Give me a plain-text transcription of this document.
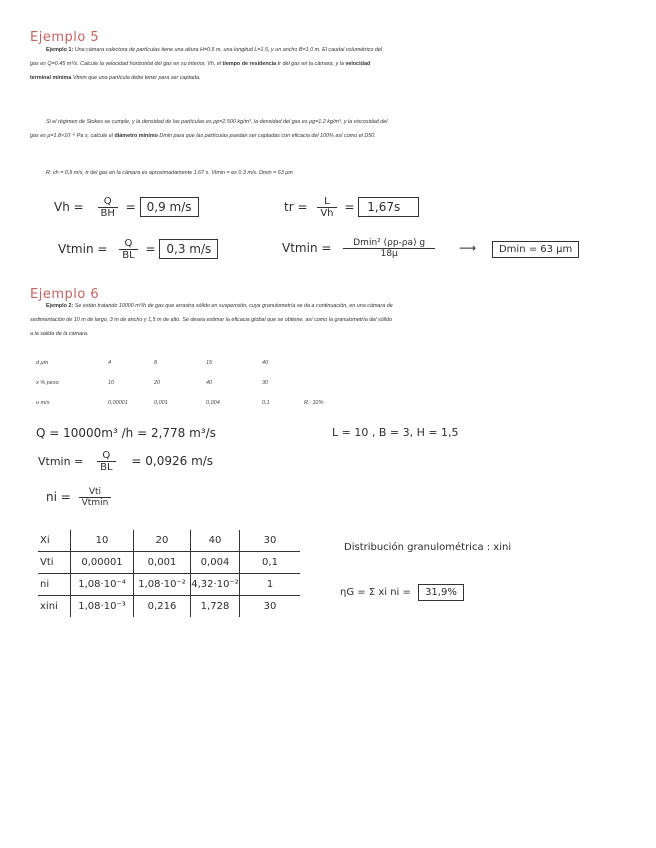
Ejemplo 5
Ejemplo 1: Una cámara colectora de partículas tiene una altura H=0.5 m, una longitud L=1.5, y un ancho B=1.0 m. El caudal volumétrico del gas es Q=0.45 m³/s. Calcule la velocidad horizontal del gas en su interior, Vh, el tiempo de residencia tr del gas en la cámara, y la velocidad terminal mínima Vtmin que una partícula debe tener para ser captada.
Si el régimen de Stokes se cumple, y la densidad de las partículas es ρp=2.500 kg/m³, la densidad del gas es ρg=1.2 kg/m³, y la viscosidad del gas es μ=1.8×10⁻⁵ Pa s, calcule el diámetro mínimo Dmin para que las partículas puedan ser captadas con eficacia del 100% así como el D50.
R: vh = 0,9 m/s, tr del gas en la cámara es aproximadamente 1.67 s. Vtmin = es 0.3 m/s. Dmin = 63 μm
$Vh = \frac{Q}{BH} = 0,9$ m/s	tr = $\frac{L}{Vh} = 1,67s$
$Vtmin = \frac{Q}{BL} = 0,3$ m/s	$Vtmin = \frac{\text{Dmin² (ρp-ρa) g}}{18\mu}$ ⟶ Dmin = 63 μm
Ejemplo 6
Ejemplo 2: Se están tratando 10000 m³/h de gas que arrastra sólido en suspensión, cuya granulometría se da a continuación, en una cámara de sedimentación de 10 m de largo, 3 m de ancho y 1,5 m de alto. Se desea estimar la eficacia global que se obtiene, así como la granulometría del sólido a la salida de la cámara.
d μm	4	8	15	40
x % peso	10	20	40	30
u m/s	0,00001	0,001	0,004	0,1	R.: 32%
Q = 10000m³ /h = 2,778 m³/s	L = 10 , B = 3, H = 1,5
$Vtmin = \frac{Q}{BL} = 0,0926$ m/s
ni = $\frac{\text{Vti}}{Vtmin}$
Xi	10	20	40	30
Vti	0,00001	0,001	0,004	0,1
ni	1,08·10⁻⁴	1,08·10⁻²	4,32·10⁻²	1
xini	1,08·10⁻³	0,216	1,728	30
Distribución granulométrica : xini
ηG = Σ xi ni = 31,9%
